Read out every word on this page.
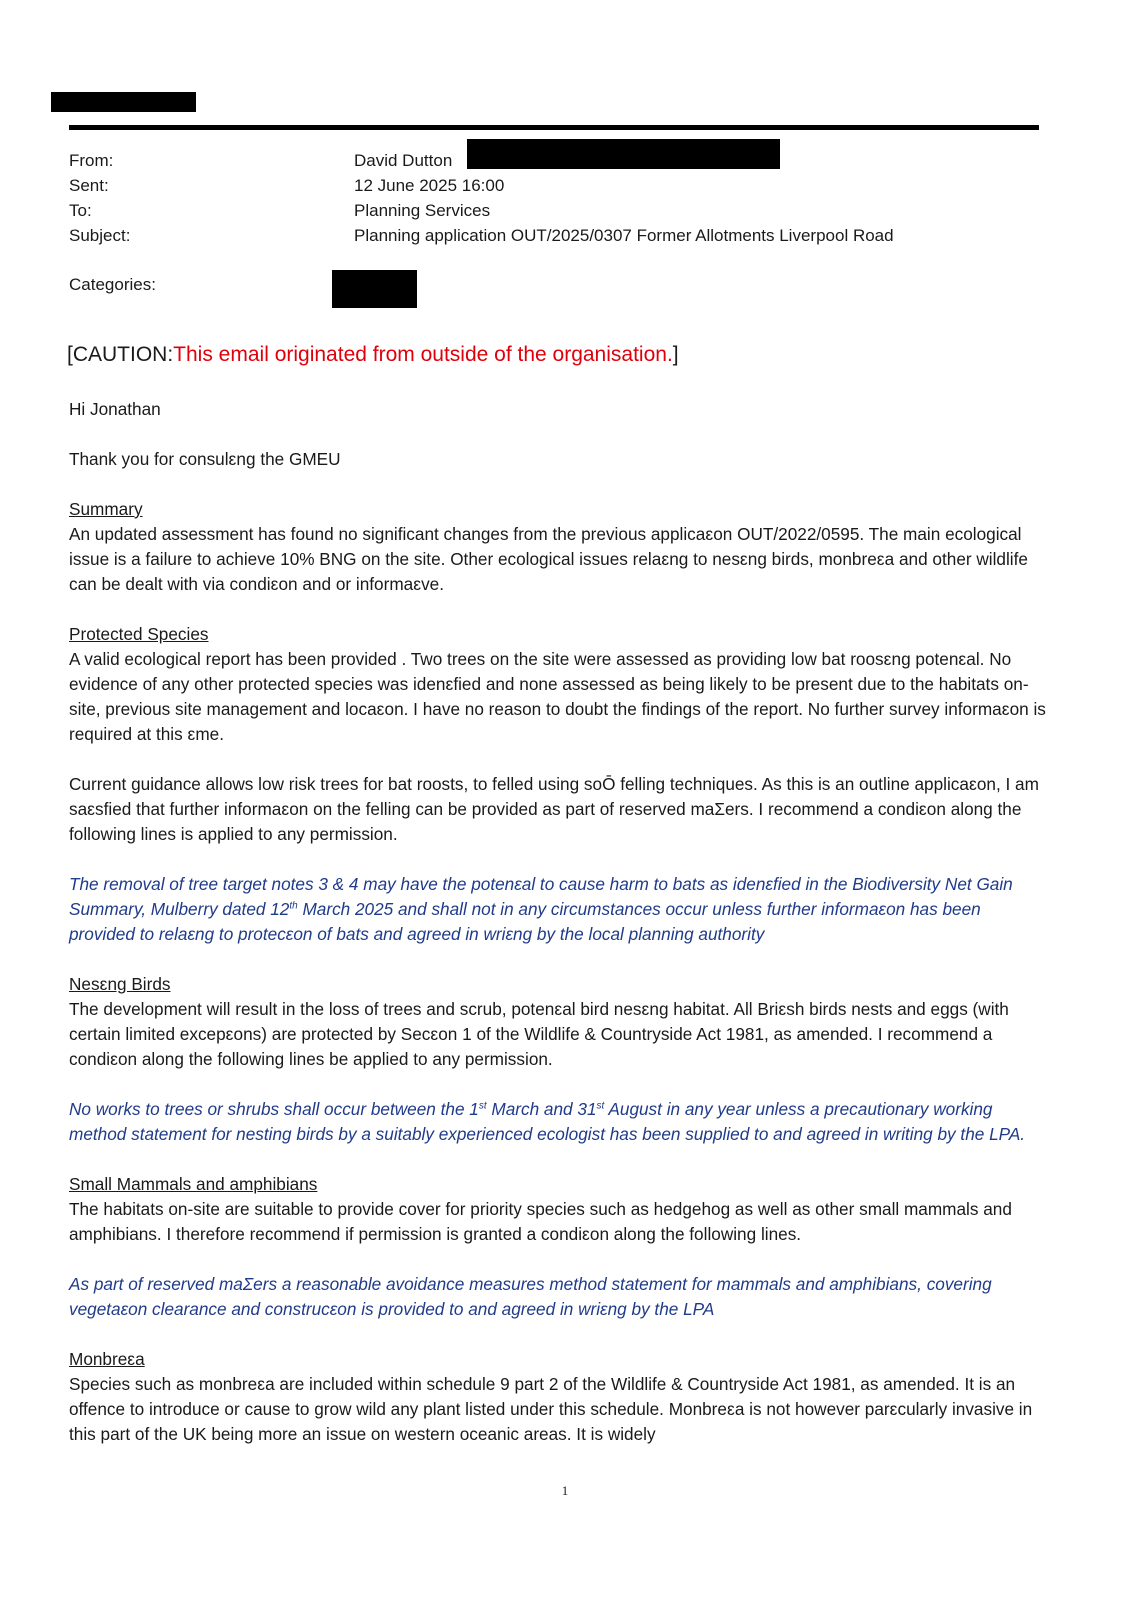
From:	David Dutton
Sent:	12 June 2025 16:00
To:	Planning Services
Subject:	Planning application OUT/2025/0307 Former Allotments Liverpool Road
Categories:
[CAUTION:This email originated from outside of the organisation.]

Hi Jonathan

Thank you for consulԑng the GMEU

Summary
An updated assessment has found no significant changes from the previous applicaԑon OUT/2022/0595. The main ecological issue is a failure to achieve 10% BNG on the site. Other ecological issues relaԑng to nesԑng birds, monbreԑa and other wildlife can be dealt with via condiԑon and or informaԑve.

Protected Species
A valid ecological report has been provided . Two trees on the site were assessed as providing low bat roosԑng potenԑal. No evidence of any other protected species was idenԑfied and none assessed as being likely to be present due to the habitats on-site, previous site management and locaԑon. I have no reason to doubt the findings of the report. No further survey informaԑon is required at this ԑme.

Current guidance allows low risk trees for bat roosts, to felled using soŌ felling techniques. As this is an outline applicaԑon, I am saԑsfied that further informaԑon on the felling can be provided as part of reserved maΣers. I recommend a condiԑon along the following lines is applied to any permission.

The removal of tree target notes 3 & 4 may have the potenԑal to cause harm to bats as idenԑfied in the Biodiversity Net Gain Summary, Mulberry dated 12th March 2025 and shall not in any circumstances occur unless further informaԑon has been provided to relaԑng to protecԑon of bats and agreed in wriԑng by the local planning authority

Nesԑng Birds
The development will result in the loss of trees and scrub, potenԑal bird nesԑng habitat. All Briԑsh birds nests and eggs (with certain limited excepԑons) are protected by Secԑon 1 of the Wildlife & Countryside Act 1981, as amended. I recommend a condiԑon along the following lines be applied to any permission.

No works to trees or shrubs shall occur between the 1st March and 31st August in any year unless a precautionary working method statement for nesting birds by a suitably experienced ecologist has been supplied to and agreed in writing by the LPA.

Small Mammals and amphibians
The habitats on-site are suitable to provide cover for priority species such as hedgehog as well as other small mammals and amphibians. I therefore recommend if permission is granted a condiԑon along the following lines.

As part of reserved maΣers a reasonable avoidance measures method statement for mammals and amphibians, covering vegetaԑon clearance and construcԑon is provided to and agreed in wriԑng by the LPA

Monbreԑa
Species such as monbreԑa are included within schedule 9 part 2 of the Wildlife & Countryside Act 1981, as amended. It is an offence to introduce or cause to grow wild any plant listed under this schedule. Monbreԑa is not however parԑcularly invasive in this part of the UK being more an issue on western oceanic areas. It is widely

1
